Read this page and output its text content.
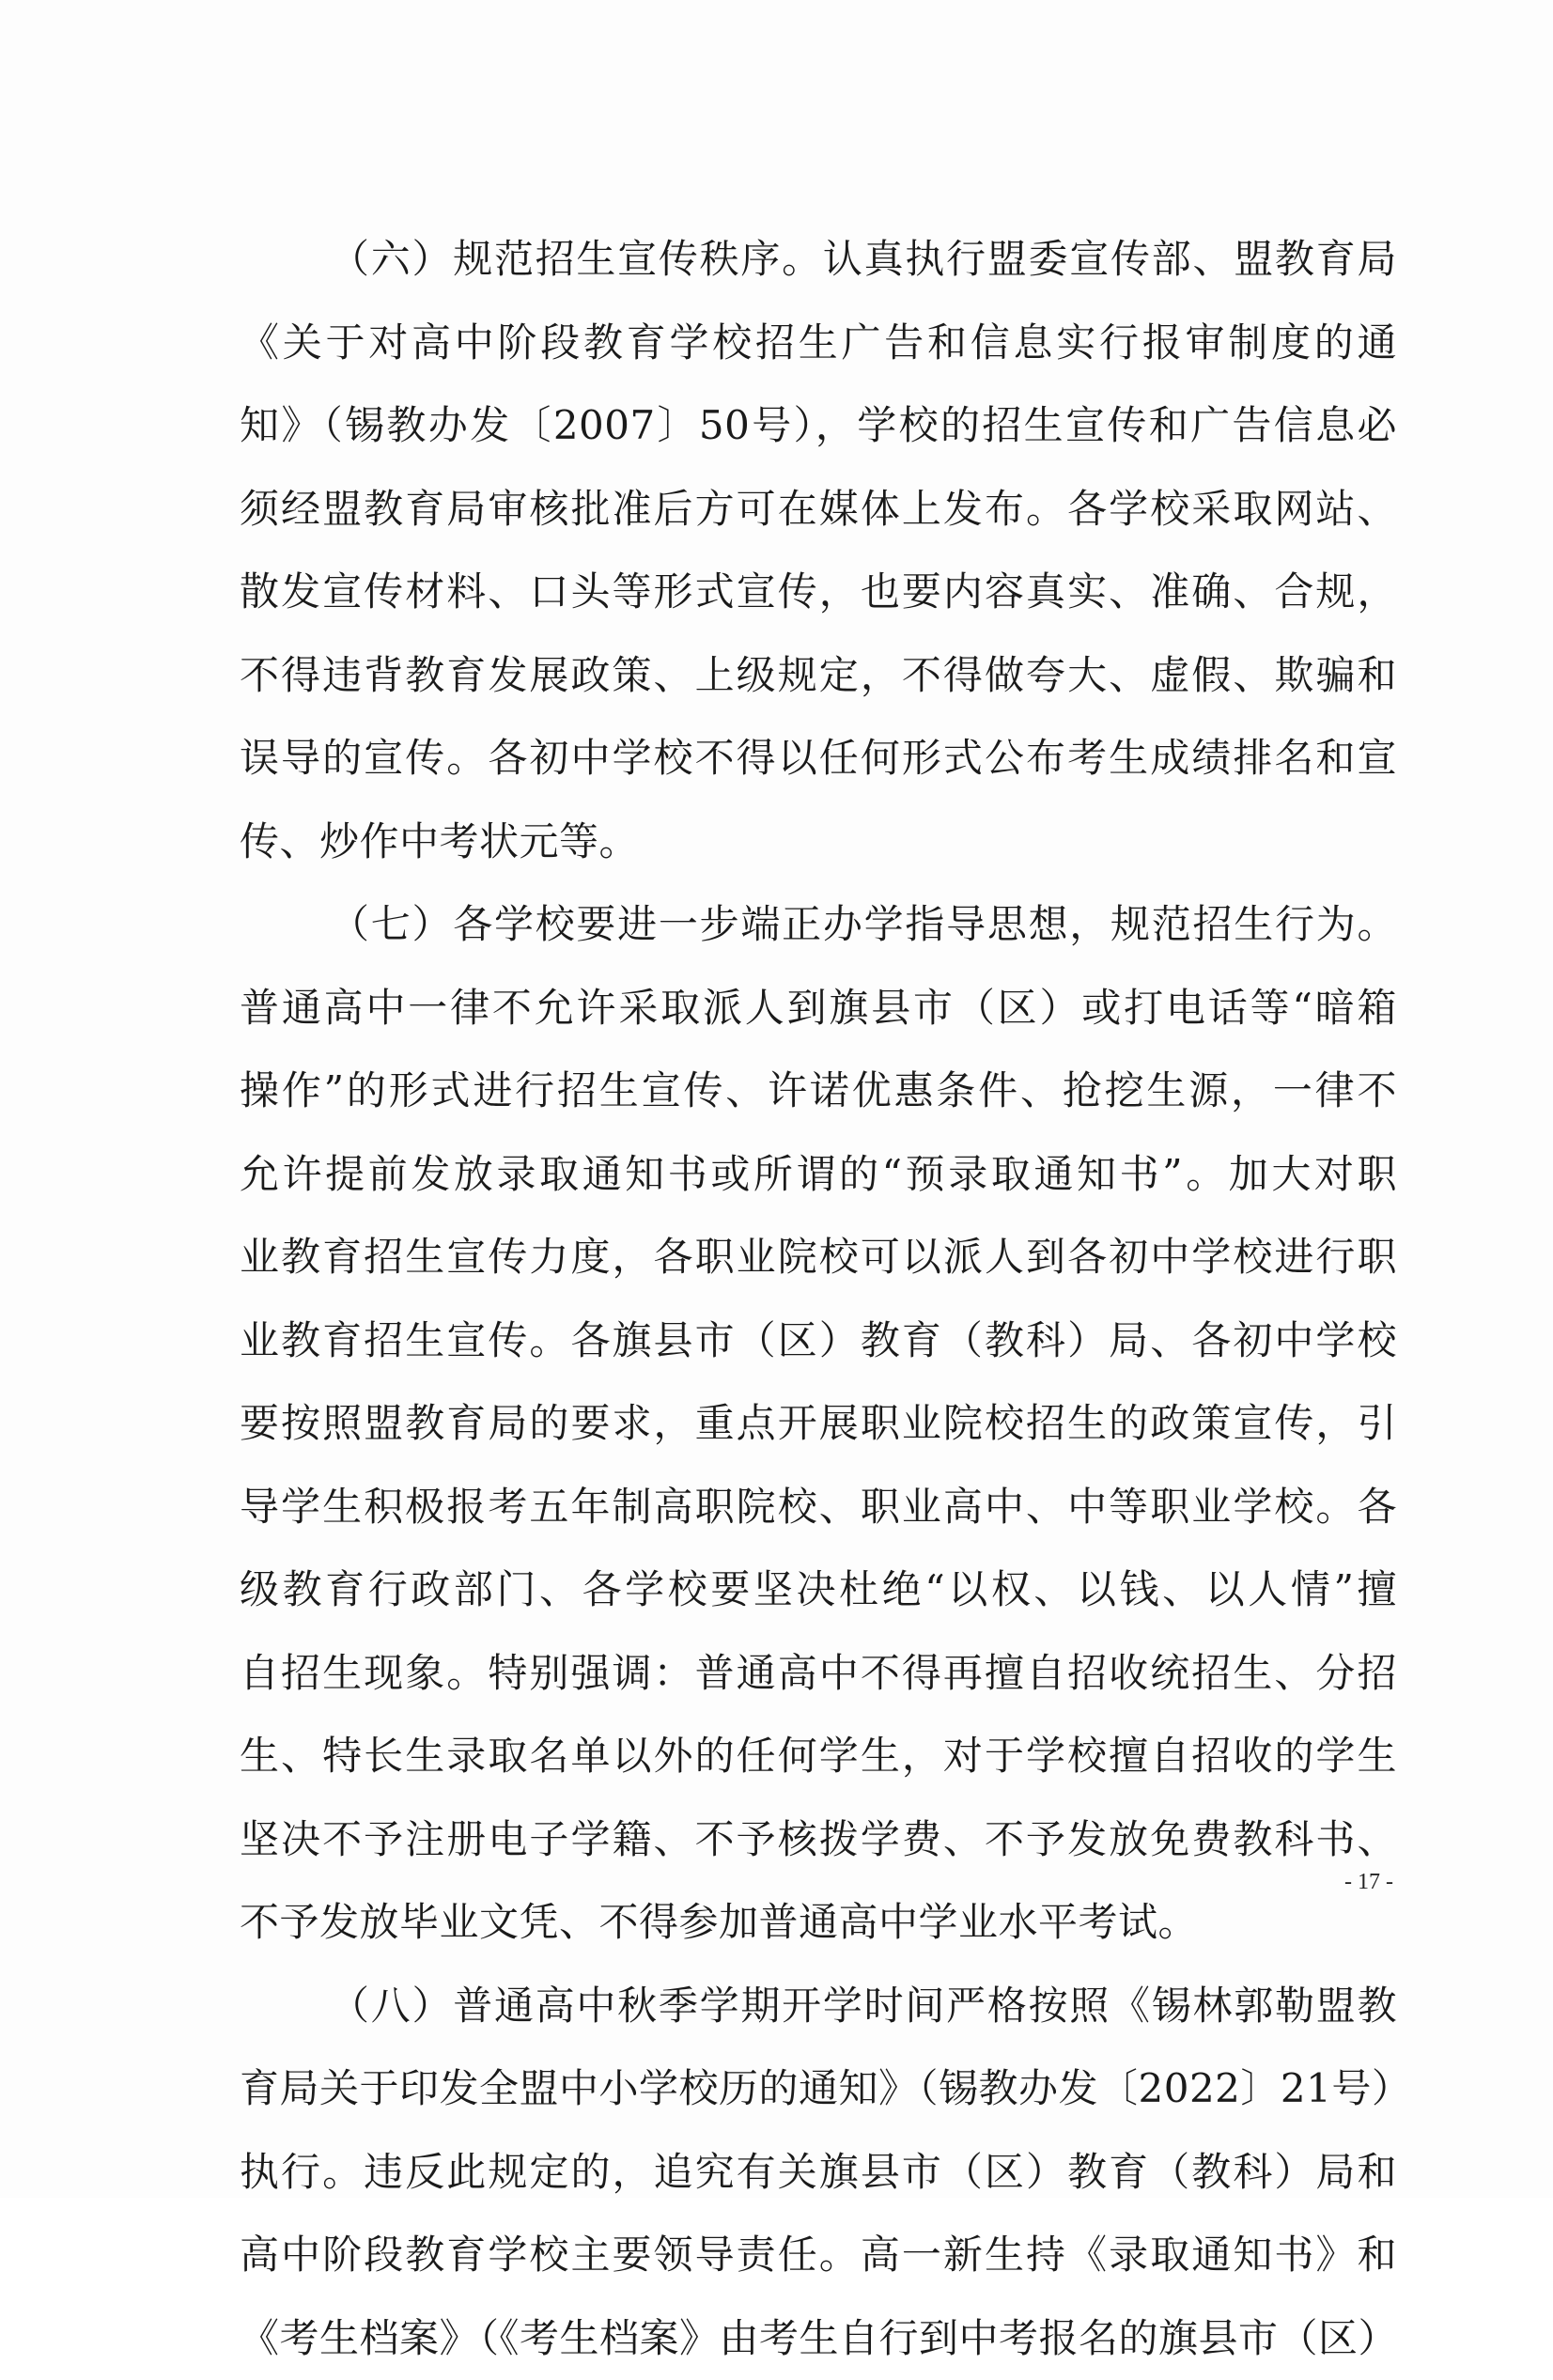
（六）规范招生宣传秩序。认真执行盟委宣传部、盟教育局
《关于对高中阶段教育学校招生广告和信息实行报审制度的通
知》（锡教办发〔2007〕50号），学校的招生宣传和广告信息必
须经盟教育局审核批准后方可在媒体上发布。各学校采取网站、
散发宣传材料、口头等形式宣传，也要内容真实、准确、合规，
不得违背教育发展政策、上级规定，不得做夸大、虚假、欺骗和
误导的宣传。各初中学校不得以任何形式公布考生成绩排名和宣
传、炒作中考状元等。
（七）各学校要进一步端正办学指导思想，规范招生行为。
普通高中一律不允许采取派人到旗县市（区）或打电话等“暗箱
操作”的形式进行招生宣传、许诺优惠条件、抢挖生源，一律不
允许提前发放录取通知书或所谓的“预录取通知书”。加大对职
业教育招生宣传力度，各职业院校可以派人到各初中学校进行职
业教育招生宣传。各旗县市（区）教育（教科）局、各初中学校
要按照盟教育局的要求，重点开展职业院校招生的政策宣传，引
导学生积极报考五年制高职院校、职业高中、中等职业学校。各
级教育行政部门、各学校要坚决杜绝“以权、以钱、以人情”擅
自招生现象。特别强调：普通高中不得再擅自招收统招生、分招
生、特长生录取名单以外的任何学生，对于学校擅自招收的学生
坚决不予注册电子学籍、不予核拨学费、不予发放免费教科书、
不予发放毕业文凭、不得参加普通高中学业水平考试。
（八）普通高中秋季学期开学时间严格按照《锡林郭勒盟教
育局关于印发全盟中小学校历的通知》（锡教办发〔2022〕21号）
执行。违反此规定的，追究有关旗县市（区）教育（教科）局和
高中阶段教育学校主要领导责任。高一新生持《录取通知书》和
《考生档案》（《考生档案》由考生自行到中考报名的旗县市（区）
- 17 -
